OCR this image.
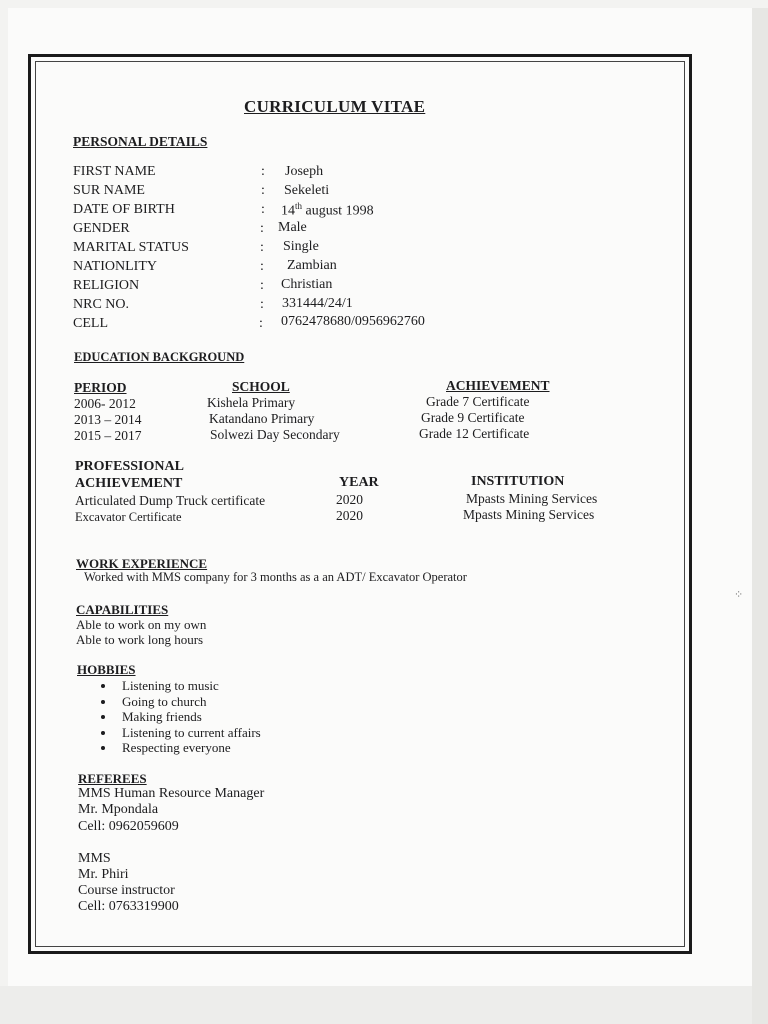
⁘
CURRICULUM VITAE
PERSONAL DETAILS
FIRST NAME	: Joseph
SUR NAME	: Sekeleti
DATE OF BIRTH	: 14th august 1998
GENDER	: Male
MARITAL STATUS	: Single
NATIONLITY	: Zambian
RELIGION	: Christian
NRC NO.	: 331444/24/1
CELL	: 0762478680/0956962760
EDUCATION BACKGROUND
PERIOD	SCHOOL	ACHIEVEMENT
2006- 2012	Kishela Primary	Grade 7 Certificate
2013 – 2014	Katandano Primary	Grade 9 Certificate
2015 – 2017	Solwezi Day Secondary	Grade 12 Certificate
PROFESSIONAL
ACHIEVEMENT	YEAR	INSTITUTION
Articulated Dump Truck certificate	2020	Mpasts Mining Services
Excavator Certificate	2020	Mpasts Mining Services
WORK EXPERIENCE
Worked with MMS company for 3 months as a an ADT/ Excavator Operator
CAPABILITIES
Able to work on my own
Able to work long hours
HOBBIES
Listening to music
Going to church
Making friends
Listening to current affairs
Respecting everyone
REFEREES
MMS Human Resource Manager
Mr. Mpondala
Cell: 0962059609
MMS
Mr. Phiri
Course instructor
Cell: 0763319900
